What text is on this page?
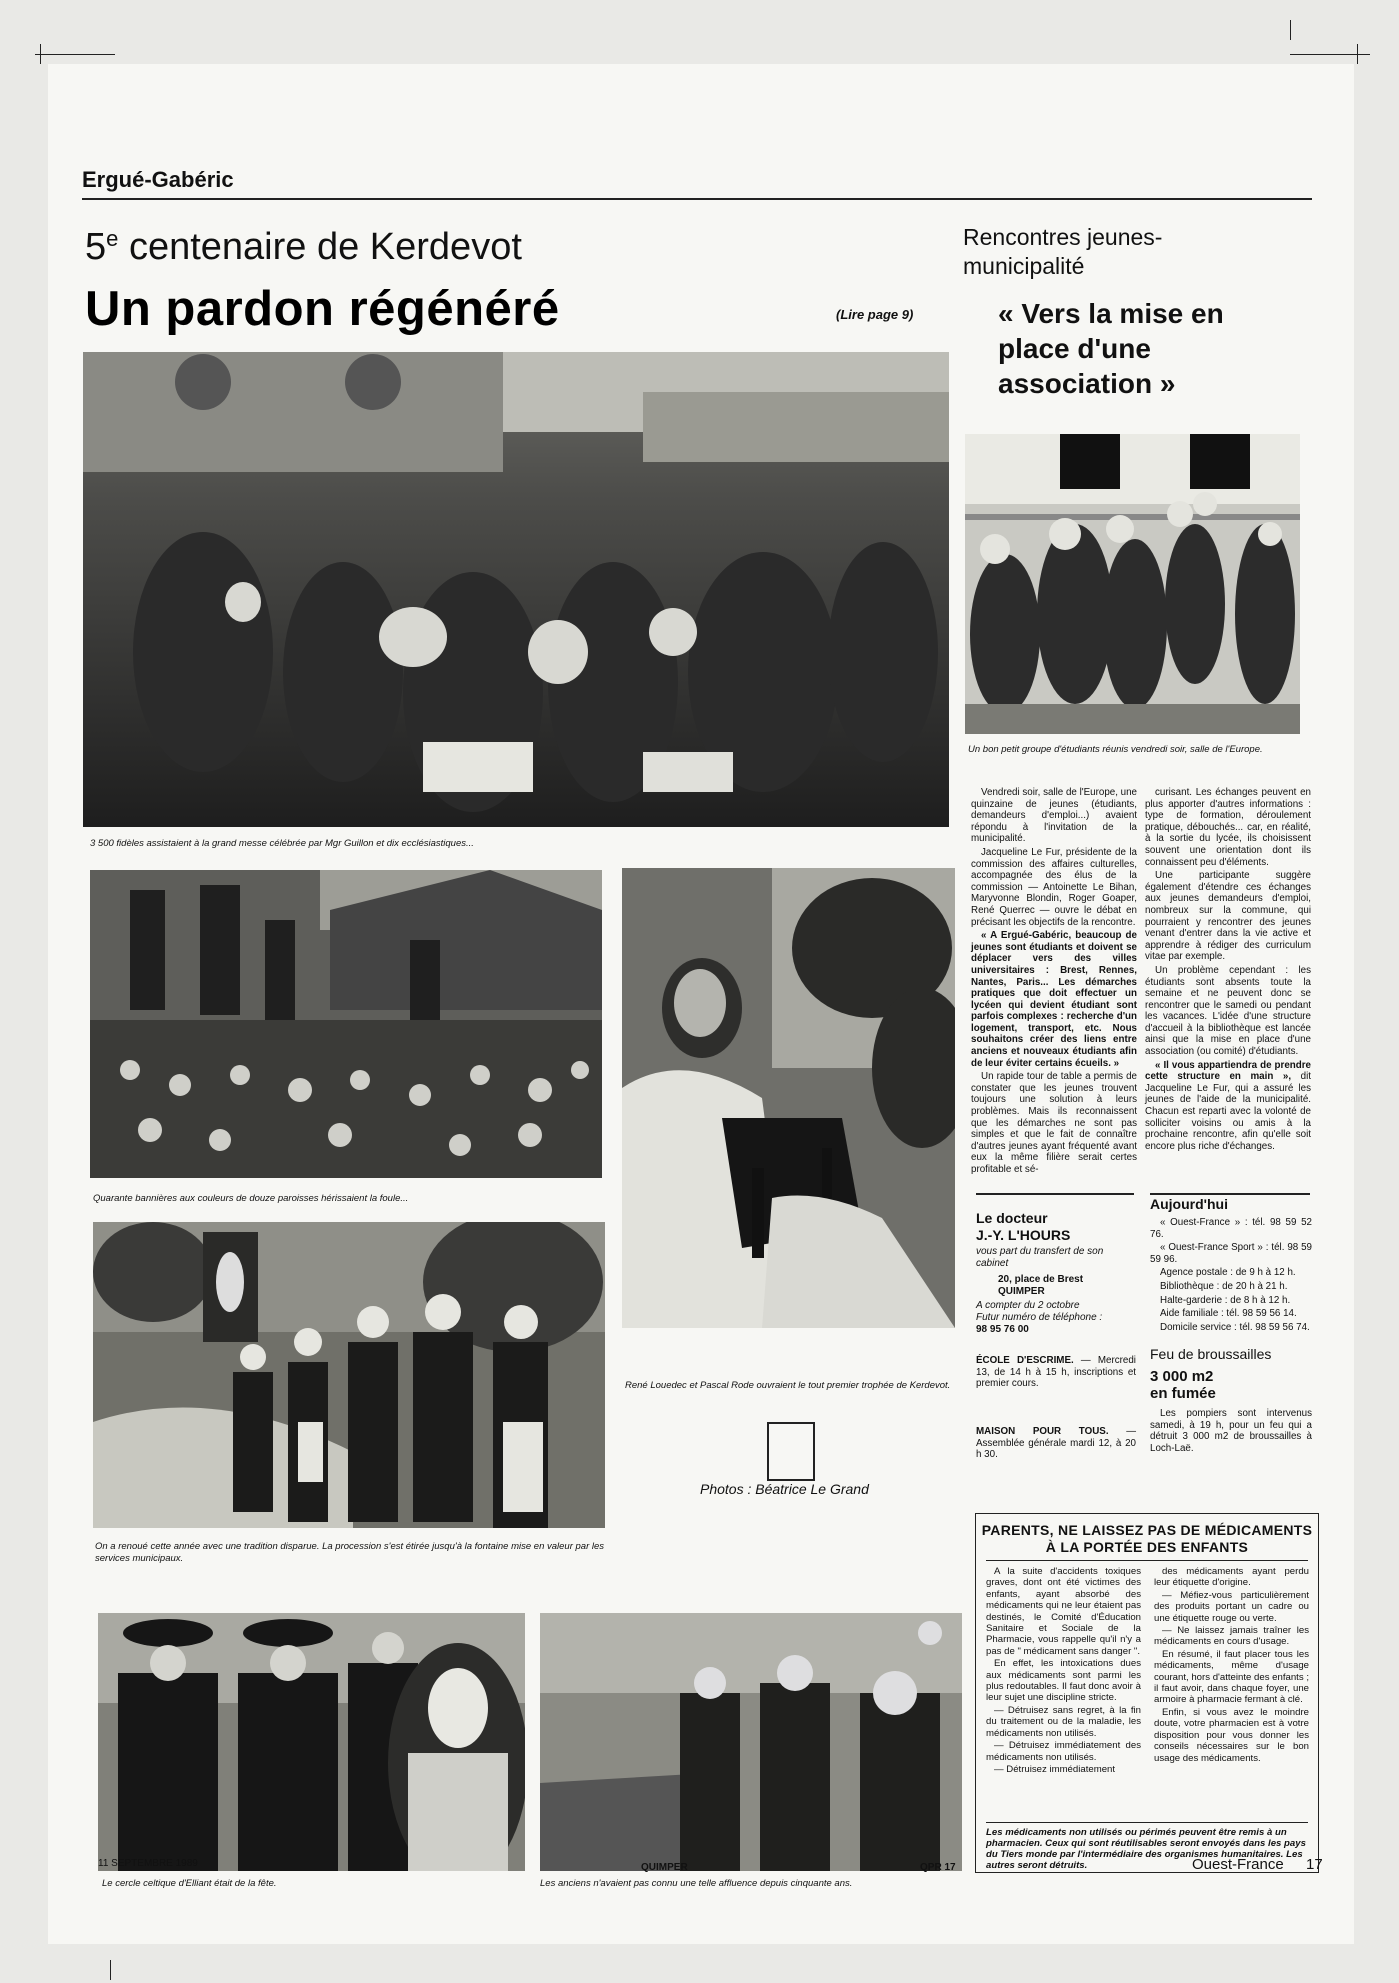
Ergué-Gabéric
5e centenaire de Kerdevot
Un pardon régénéré	(Lire page 9)
Rencontres jeunes-municipalité
« Vers la mise en place d'une association »
3 500 fidèles assistaient à la grand messe célébrée par Mgr Guillon et dix ecclésiastiques...
Un bon petit groupe d'étudiants réunis vendredi soir, salle de l'Europe.

Vendredi soir, salle de l'Europe, une quinzaine de jeunes (étudiants, demandeurs d'emploi...) avaient répondu à l'invitation de la municipalité.

Jacqueline Le Fur, présidente de la commission des affaires culturelles, accompagnée des élus de la commission — Antoinette Le Bihan, Maryvonne Blondin, Roger Goaper, René Querrec — ouvre le débat en précisant les objectifs de la rencontre.

« A Ergué-Gabéric, beaucoup de jeunes sont étudiants et doivent se déplacer vers des villes universitaires : Brest, Rennes, Nantes, Paris... Les démarches pratiques que doit effectuer un lycéen qui devient étudiant sont parfois complexes : recherche d'un logement, transport, etc. Nous souhaitons créer des liens entre anciens et nouveaux étudiants afin de leur éviter certains écueils. »

Un rapide tour de table a permis de constater que les jeunes trouvent toujours une solution à leurs problèmes. Mais ils reconnaissent que les démarches ne sont pas simples et que le fait de connaître d'autres jeunes ayant fréquenté avant eux la même filière serait certes profitable et sé-

curisant. Les échanges peuvent en plus apporter d'autres informations : type de formation, déroulement pratique, débouchés... car, en réalité, à la sortie du lycée, ils choisissent souvent une orientation dont ils connaissent peu d'éléments.

Une participante suggère également d'étendre ces échanges aux jeunes demandeurs d'emploi, nombreux sur la commune, qui pourraient y rencontrer des jeunes venant d'entrer dans la vie active et apprendre à rédiger des curriculum vitae par exemple.

Un problème cependant : les étudiants sont absents toute la semaine et ne peuvent donc se rencontrer que le samedi ou pendant les vacances. L'idée d'une structure d'accueil à la bibliothèque est lancée ainsi que la mise en place d'une association (ou comité) d'étudiants.

« Il vous appartiendra de prendre cette structure en main », dit Jacqueline Le Fur, qui a assuré les jeunes de l'aide de la municipalité. Chacun est reparti avec la volonté de solliciter voisins ou amis à la prochaine rencontre, afin qu'elle soit encore plus riche d'échanges.

Quarante bannières aux couleurs de douze paroisses hérissaient la foule...
René Louedec et Pascal Rode ouvraient le tout premier trophée de Kerdevot.
On a renoué cette année avec une tradition disparue. La procession s'est étirée jusqu'à la fontaine mise en valeur par les services municipaux.
Photos : Béatrice Le Grand
Le cercle celtique d'Elliant était de la fête.	Les anciens n'avaient pas connu une telle affluence depuis cinquante ans.
Le docteur
J.-Y. L'HOURS
vous part du transfert de son cabinet
20, place de Brest
QUIMPER
A compter du 2 octobre
Futur numéro de téléphone :
98 95 76 00

ÉCOLE D'ESCRIME. — Mercredi 13, de 14 h à 15 h, inscriptions et premier cours.

MAISON POUR TOUS. — Assemblée générale mardi 12, à 20 h 30.

Aujourd'hui

« Ouest-France » : tél. 98 59 52 76.

« Ouest-France Sport » : tél. 98 59 59 96.

Agence postale : de 9 h à 12 h.

Bibliothèque : de 20 h à 21 h.

Halte-garderie : de 8 h à 12 h.

Aide familiale : tél. 98 59 56 14.

Domicile service : tél. 98 59 56 74.

Feu de broussailles
3 000 m2
en fumée

Les pompiers sont intervenus samedi, à 19 h, pour un feu qui a détruit 3 000 m2 de broussailles à Loch-Laë.

PARENTS, NE LAISSEZ PAS DE MÉDICAMENTS
À LA PORTÉE DES ENFANTS

A la suite d'accidents toxiques graves, dont ont été victimes des enfants, ayant absorbé des médicaments qui ne leur étaient pas destinés, le Comité d'Éducation Sanitaire et Sociale de la Pharmacie, vous rappelle qu'il n'y a pas de " médicament sans danger ".

En effet, les intoxications dues aux médicaments sont parmi les plus redoutables. Il faut donc avoir à leur sujet une discipline stricte.

— Détruisez sans regret, à la fin du traitement ou de la maladie, les médicaments non utilisés.

— Détruisez immédiatement des médicaments non utilisés.

— Détruisez immédiatement

des médicaments ayant perdu leur étiquette d'origine.

— Méfiez-vous particulièrement des produits portant un cadre ou une étiquette rouge ou verte.

— Ne laissez jamais traîner les médicaments en cours d'usage.

En résumé, il faut placer tous les médicaments, même d'usage courant, hors d'atteinte des enfants ; il faut avoir, dans chaque foyer, une armoire à pharmacie fermant à clé.

Enfin, si vous avez le moindre doute, votre pharmacien est à votre disposition pour vous donner les conseils nécessaires sur le bon usage des médicaments.

Les médicaments non utilisés ou périmés peuvent être remis à un pharmacien. Ceux qui sont réutilisables seront envoyés dans les pays du Tiers monde par l'intermédiaire des organismes humanitaires. Les autres seront détruits.
11 SEPTEMBRE 1989	QUIMPER	QPR 17	Ouest-France 17
